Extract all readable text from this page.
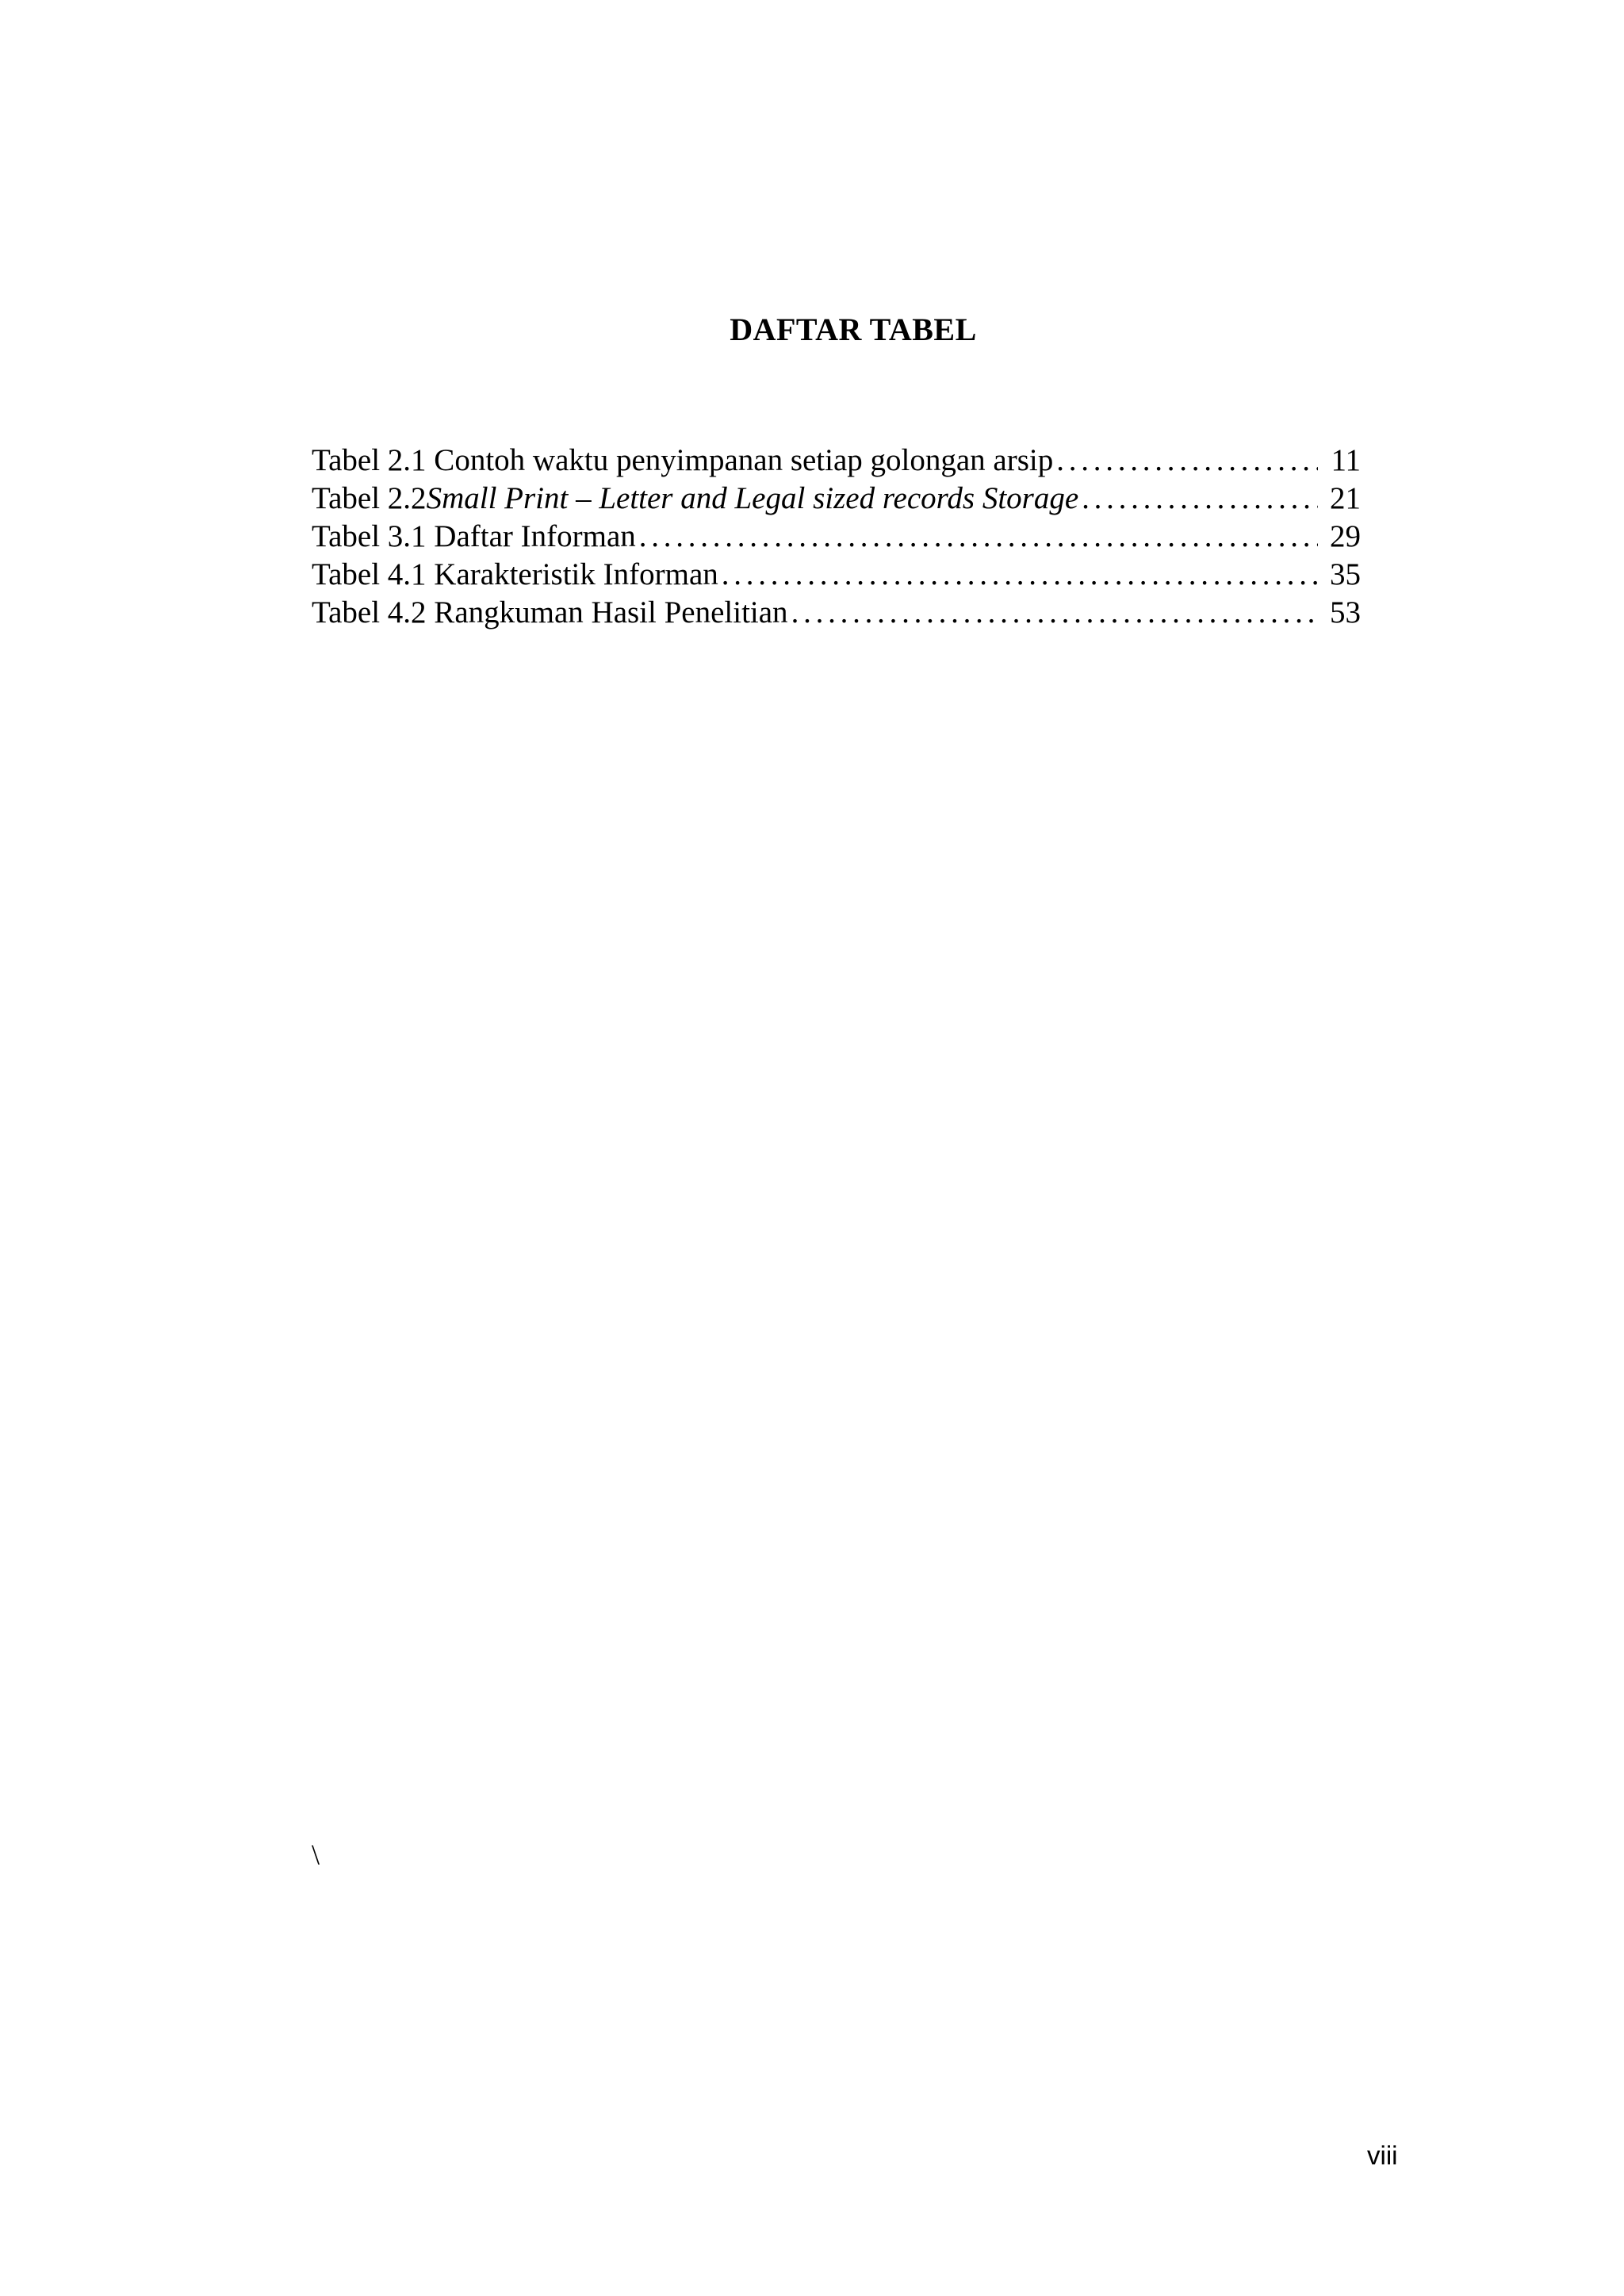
DAFTAR TABEL
Tabel 2.1 Contoh waktu penyimpanan setiap golongan arsip . . .	11
Tabel 2.2Small Print – Letter and Legal sized records Storage . . .	21
Tabel 3.1 Daftar Informan . . .	29
Tabel 4.1 Karakteristik Informan . . .	35
Tabel 4.2 Rangkuman Hasil Penelitian . . .	53
\
viii
